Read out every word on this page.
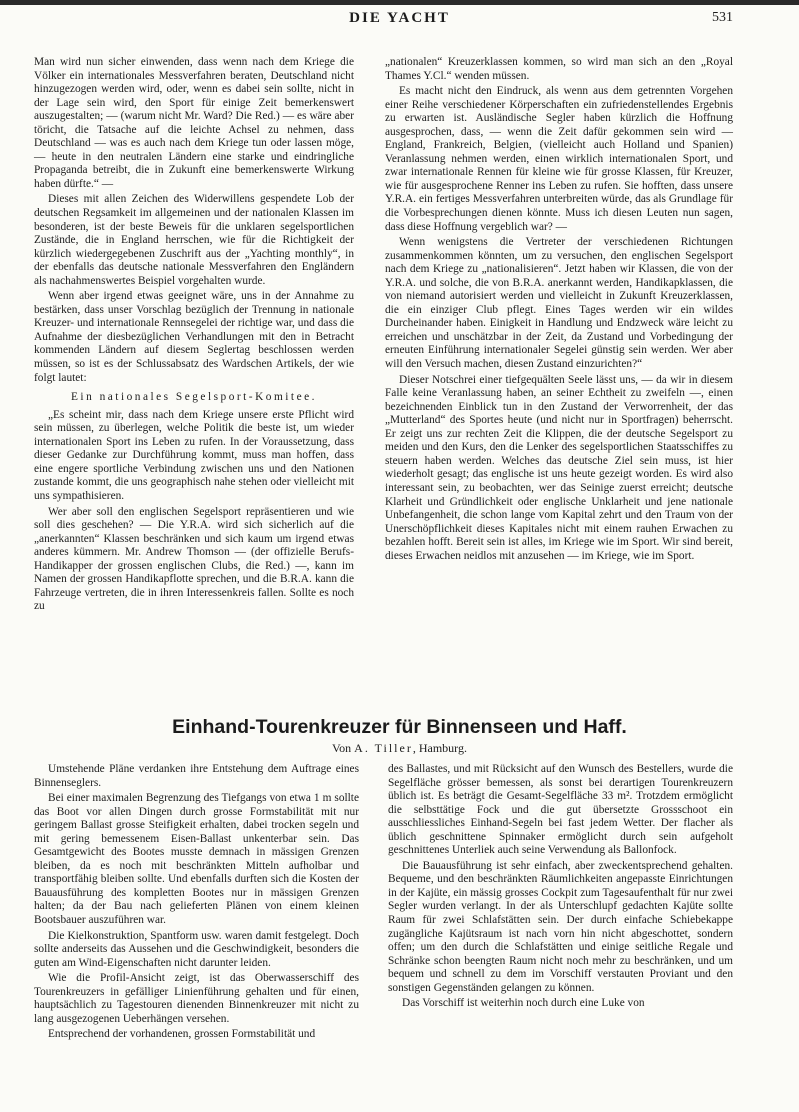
DIE YACHT	531

Man wird nun sicher einwenden, dass wenn nach dem Kriege die Völker ein internationales Messverfahren beraten, Deutschland nicht hinzugezogen werden wird, oder, wenn es dabei sein sollte, nicht in der Lage sein wird, den Sport für einige Zeit bemerkenswert auszugestalten; — (warum nicht Mr. Ward? Die Red.) — es wäre aber töricht, die Tatsache auf die leichte Achsel zu nehmen, dass Deutschland — was es auch nach dem Kriege tun oder lassen möge, — heute in den neutralen Ländern eine starke und eindringliche Propaganda betreibt, die in Zukunft eine bemerkenswerte Wirkung haben dürfte.“ —

Dieses mit allen Zeichen des Widerwillens gespendete Lob der deutschen Regsamkeit im allgemeinen und der nationalen Klassen im besonderen, ist der beste Beweis für die unklaren segelsportlichen Zustände, die in England herrschen, wie für die Richtigkeit der kürzlich wiedergegebenen Zuschrift aus der „Yachting monthly“, in der ebenfalls das deutsche nationale Messverfahren den Engländern als nachahmenswertes Beispiel vorgehalten wurde.

Wenn aber irgend etwas geeignet wäre, uns in der Annahme zu bestärken, dass unser Vorschlag bezüglich der Trennung in nationale Kreuzer- und internationale Rennsegelei der richtige war, und dass die Aufnahme der diesbezüglichen Verhandlungen mit den in Betracht kommenden Ländern auf diesem Seglertag beschlossen werden müssen, so ist es der Schlussabsatz des Wardschen Artikels, der wie folgt lautet:

Ein nationales Segelsport-Komitee.

„Es scheint mir, dass nach dem Kriege unsere erste Pflicht wird sein müssen, zu überlegen, welche Politik die beste ist, um wieder internationalen Sport ins Leben zu rufen. In der Voraussetzung, dass dieser Gedanke zur Durchführung kommt, muss man hoffen, dass eine engere sportliche Verbindung zwischen uns und den Nationen zustande kommt, die uns geographisch nahe stehen oder vielleicht mit uns sympathisieren.

Wer aber soll den englischen Segelsport repräsentieren und wie soll dies geschehen? — Die Y.R.A. wird sich sicherlich auf die „anerkannten“ Klassen beschränken und sich kaum um irgend etwas anderes kümmern. Mr. Andrew Thomson — (der offizielle Berufs-Handikapper der grossen englischen Clubs, die Red.) —, kann im Namen der grossen Handikapflotte sprechen, und die B.R.A. kann die Fahrzeuge vertreten, die in ihren Interessenkreis fallen. Sollte es noch zu

„nationalen“ Kreuzerklassen kommen, so wird man sich an den „Royal Thames Y.Cl.“ wenden müssen.

Es macht nicht den Eindruck, als wenn aus dem getrennten Vorgehen einer Reihe verschiedener Körperschaften ein zufriedenstellendes Ergebnis zu erwarten ist. Ausländische Segler haben kürzlich die Hoffnung ausgesprochen, dass, — wenn die Zeit dafür gekommen sein wird — England, Frankreich, Belgien, (vielleicht auch Holland und Spanien) Veranlassung nehmen werden, einen wirklich internationalen Sport, und zwar internationale Rennen für kleine wie für grosse Klassen, für Kreuzer, wie für ausgesprochene Renner ins Leben zu rufen. Sie hofften, dass unsere Y.R.A. ein fertiges Messverfahren unterbreiten würde, das als Grundlage für die Vorbesprechungen dienen könnte. Muss ich diesen Leuten nun sagen, dass diese Hoffnung vergeblich war? —

Wenn wenigstens die Vertreter der verschiedenen Richtungen zusammenkommen könnten, um zu versuchen, den englischen Segelsport nach dem Kriege zu „nationalisieren“. Jetzt haben wir Klassen, die von der Y.R.A. und solche, die von B.R.A. anerkannt werden, Handikapklassen, die von niemand autorisiert werden und vielleicht in Zukunft Kreuzerklassen, die ein einziger Club pflegt. Eines Tages werden wir ein wildes Durcheinander haben. Einigkeit in Handlung und Endzweck wäre leicht zu erreichen und unschätzbar in der Zeit, da Zustand und Vorbedingung der erneuten Einführung internationaler Segelei günstig sein werden. Wer aber will den Versuch machen, diesen Zustand einzurichten?“

Dieser Notschrei einer tiefgequälten Seele lässt uns, — da wir in diesem Falle keine Veranlassung haben, an seiner Echtheit zu zweifeln —, einen bezeichnenden Einblick tun in den Zustand der Verworrenheit, der das „Mutterland“ des Sportes heute (und nicht nur in Sportfragen) beherrscht. Er zeigt uns zur rechten Zeit die Klippen, die der deutsche Segelsport zu meiden und den Kurs, den die Lenker des segelsportlichen Staatsschiffes zu steuern haben werden. Welches das deutsche Ziel sein muss, ist hier wiederholt gesagt; das englische ist uns heute gezeigt worden. Es wird also interessant sein, zu beobachten, wer das Seinige zuerst erreicht; deutsche Klarheit und Gründlichkeit oder englische Unklarheit und jene nationale Unbefangenheit, die schon lange vom Kapital zehrt und den Traum von der Unerschöpflichkeit dieses Kapitales nicht mit einem rauhen Erwachen zu bezahlen hofft. Bereit sein ist alles, im Kriege wie im Sport. Wir sind bereit, dieses Erwachen neidlos mit anzusehen — im Kriege, wie im Sport.

Einhand-Tourenkreuzer für Binnenseen und Haff.
Von A. Tiller, Hamburg.

Umstehende Pläne verdanken ihre Entstehung dem Auftrage eines Binnenseglers.

Bei einer maximalen Begrenzung des Tiefgangs von etwa 1 m sollte das Boot vor allen Dingen durch grosse Formstabilität mit nur geringem Ballast grosse Steifigkeit erhalten, dabei trocken segeln und mit gering bemessenem Eisen-Ballast unkenterbar sein. Das Gesamtgewicht des Bootes musste demnach in mässigen Grenzen bleiben, da es noch mit beschränkten Mitteln aufholbar und transportfähig bleiben sollte. Und ebenfalls durften sich die Kosten der Bauausführung des kompletten Bootes nur in mässigen Grenzen halten; da der Bau nach gelieferten Plänen von einem kleinen Bootsbauer auszuführen war.

Die Kielkonstruktion, Spantform usw. waren damit festgelegt. Doch sollte anderseits das Aussehen und die Geschwindigkeit, besonders die guten am Wind-Eigenschaften nicht darunter leiden.

Wie die Profil-Ansicht zeigt, ist das Oberwasserschiff des Tourenkreuzers in gefälliger Linienführung gehalten und für einen, hauptsächlich zu Tagestouren dienenden Binnenkreuzer mit nicht zu lang ausgezogenen Ueberhängen versehen.

Entsprechend der vorhandenen, grossen Formstabilität und

des Ballastes, und mit Rücksicht auf den Wunsch des Bestellers, wurde die Segelfläche grösser bemessen, als sonst bei derartigen Tourenkreuzern üblich ist. Es beträgt die Gesamt-Segelfläche 33 m². Trotzdem ermöglicht die selbsttätige Fock und die gut übersetzte Grossschoot ein ausschliessliches Einhand-Segeln bei fast jedem Wetter. Der flacher als üblich geschnittene Spinnaker ermöglicht durch sein aufgeholt geschnittenes Unterliek auch seine Verwendung als Ballonfock.

Die Bauausführung ist sehr einfach, aber zweckentsprechend gehalten. Bequeme, und den beschränkten Räumlichkeiten angepasste Einrichtungen in der Kajüte, ein mässig grosses Cockpit zum Tagesaufenthalt für nur zwei Segler wurden verlangt. In der als Unterschlupf gedachten Kajüte sollte Raum für zwei Schlafstätten sein. Der durch einfache Schiebekappe zugängliche Kajütsraum ist nach vorn hin nicht abgeschottet, sondern offen; um den durch die Schlafstätten und einige seitliche Regale und Schränke schon beengten Raum nicht noch mehr zu beschränken, und um bequem und schnell zu dem im Vorschiff verstauten Proviant und den sonstigen Gegenständen gelangen zu können.

Das Vorschiff ist weiterhin noch durch eine Luke von
